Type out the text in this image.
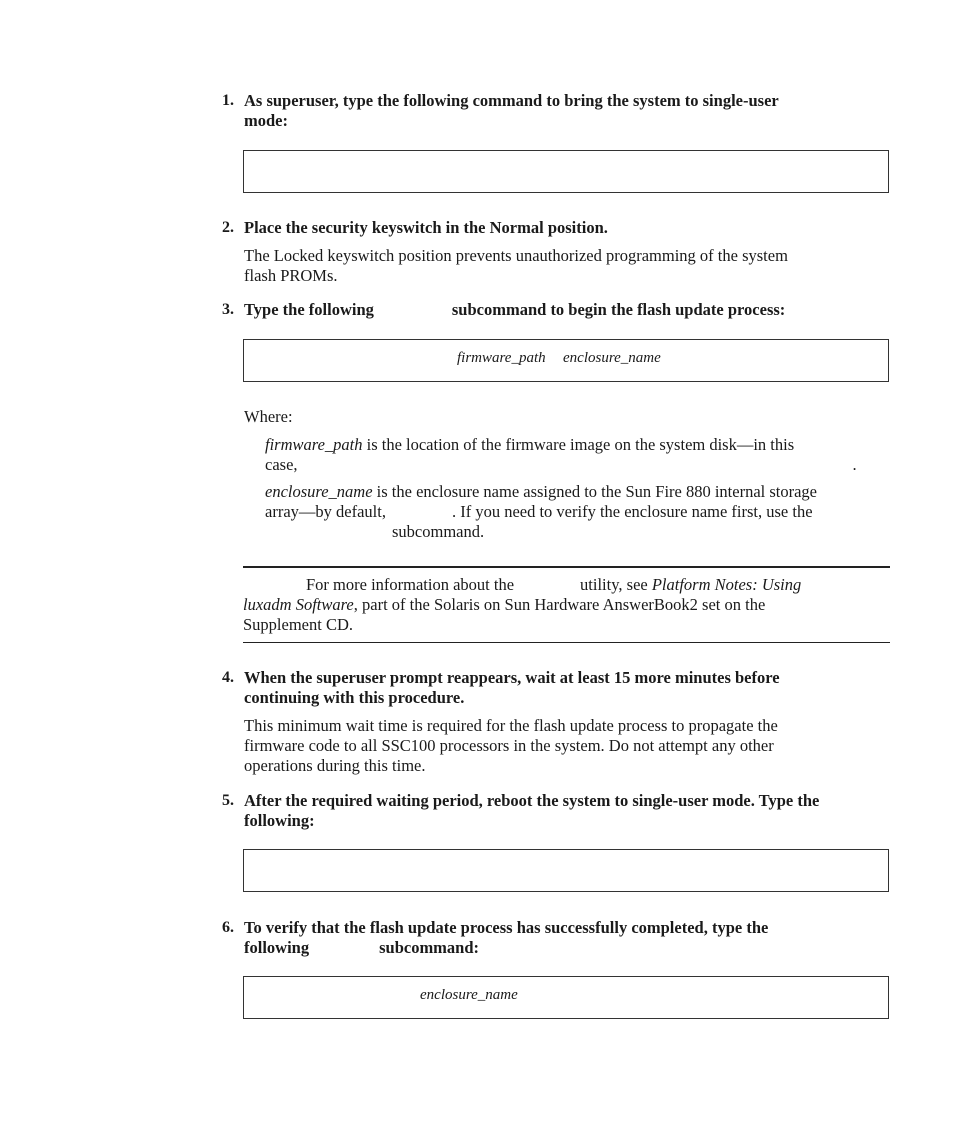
1. As superuser, type the following command to bring the system to single-user
mode:
2. Place the security keyswitch in the Normal position.
The Locked keyswitch position prevents unauthorized programming of the system
flash PROMs.
3. Type the following	subcommand to begin the flash update process:
firmware_path enclosure_name
Where:
firmware_path is the location of the firmware image on the system disk—in this
case,	.
enclosure_name is the enclosure name assigned to the Sun Fire 880 internal storage
array—by default,	. If you need to verify the enclosure name first, use the
subcommand.
For more information about the	utility, see Platform Notes: Using
luxadm Software, part of the Solaris on Sun Hardware AnswerBook2 set on the
Supplement CD.
4. When the superuser prompt reappears, wait at least 15 more minutes before
continuing with this procedure.
This minimum wait time is required for the flash update process to propagate the
firmware code to all SSC100 processors in the system. Do not attempt any other
operations during this time.
5. After the required waiting period, reboot the system to single-user mode. Type the
following:
6. To verify that the flash update process has successfully completed, type the
following	subcommand:
enclosure_name
